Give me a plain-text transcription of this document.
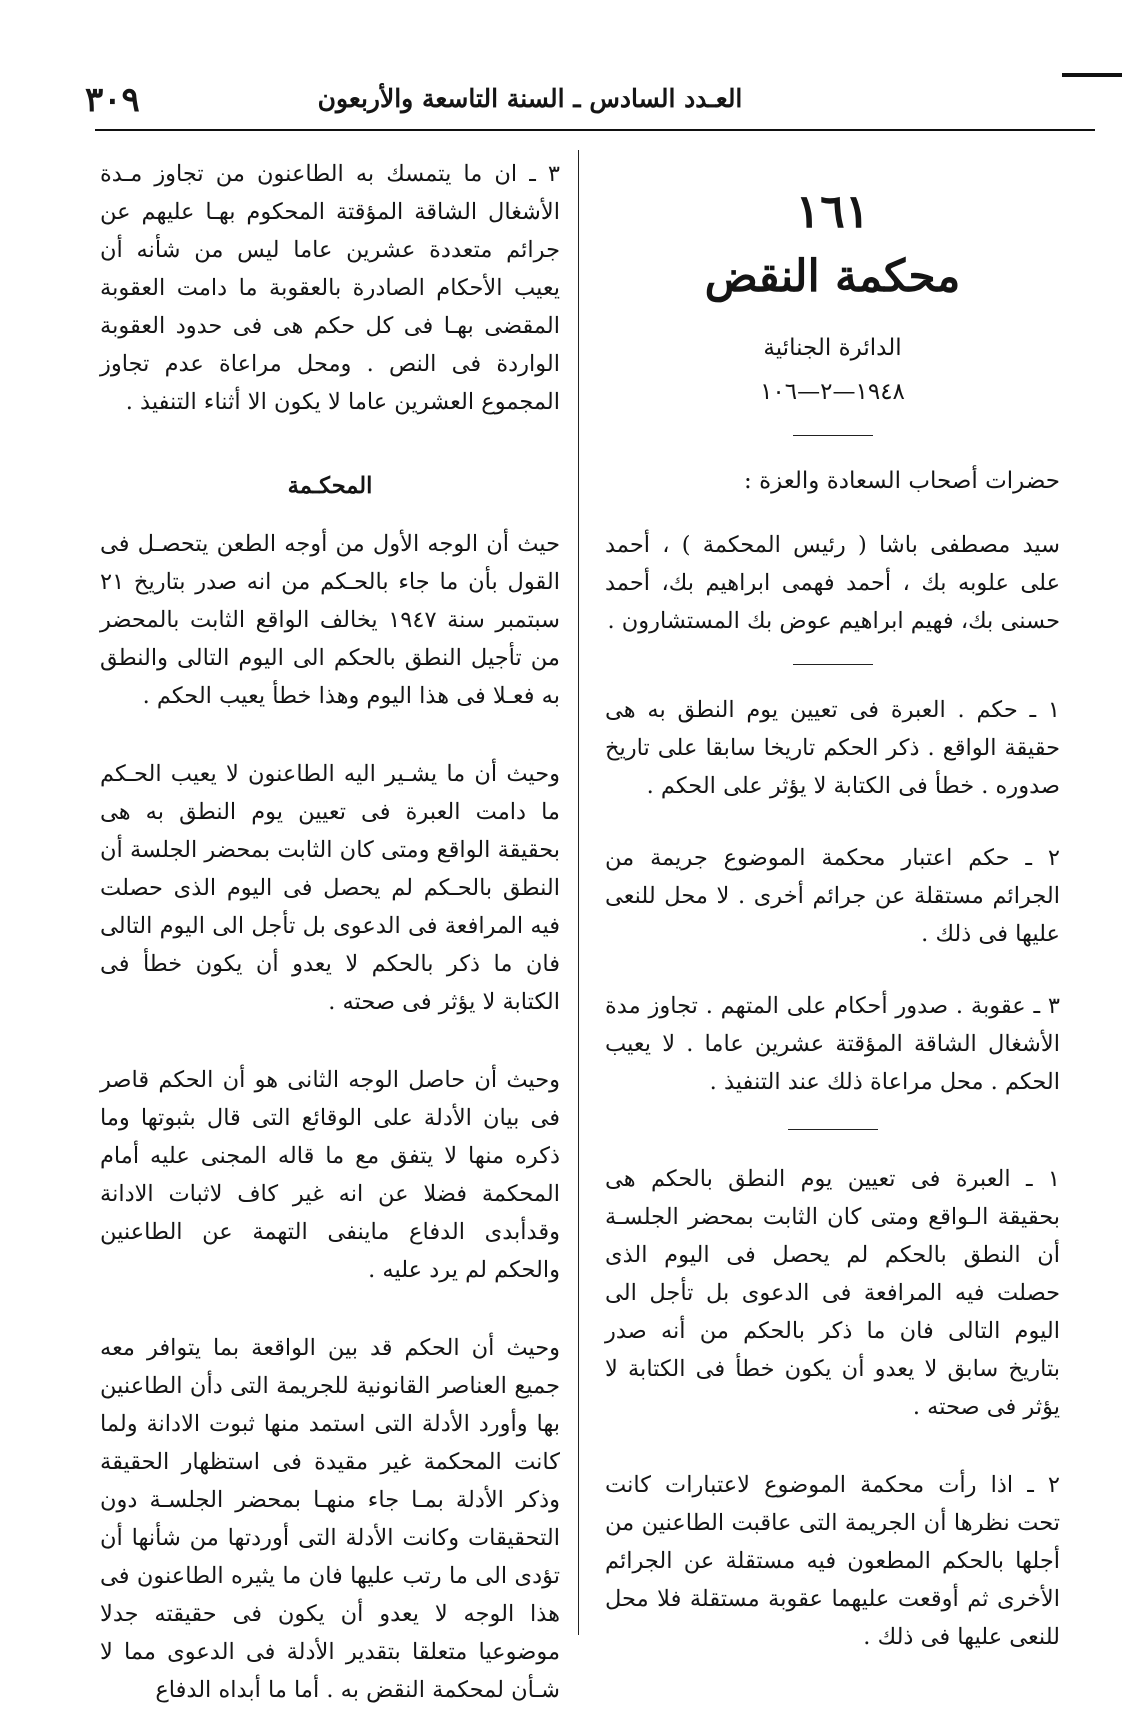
٣٠٩	العـدد السادس ـ السنة التاسعة والأربعون
١٦١
محكمة النقض
الدائرة الجنائية
١٩٤٨—٢—١٠٦

حضرات أصحاب السعادة والعزة :

سيد مصطفى باشا ( رئيس المحكمة ) ، أحمد على علوبه بك ، أحمد فهمى ابراهيم بك، أحمد حسنى بك، فهيم ابراهيم عوض بك المستشارون .

١ ـ حكم . العبرة فى تعيين يوم النطق به هى حقيقة الواقع . ذكر الحكم تاريخا سابقا على تاريخ صدوره . خطأ فى الكتابة لا يؤثر على الحكم .

٢ ـ حكم اعتبار محكمة الموضوع جريمة من الجرائم مستقلة عن جرائم أخرى . لا محل للنعى عليها فى ذلك .

٣ ـ عقوبة . صدور أحكام على المتهم . تجاوز مدة الأشغال الشاقة المؤقتة عشرين عاما . لا يعيب الحكم . محل مراعاة ذلك عند التنفيذ .

١ ـ العبرة فى تعيين يوم النطق بالحكم هى بحقيقة الـواقع ومتى كان الثابت بمحضر الجلسـة أن النطق بالحكم لم يحصل فى اليوم الذى حصلت فيه المرافعة فى الدعوى بل تأجل الى اليوم التالى فان ما ذكر بالحكم من أنه صدر بتاريخ سابق لا يعدو أن يكون خطأ فى الكتابة لا يؤثر فى صحته .

٢ ـ اذا رأت محكمة الموضوع لاعتبارات كانت تحت نظرها أن الجريمة التى عاقبت الطاعنين من أجلها بالحكم المطعون فيه مستقلة عن الجرائم الأخرى ثم أوقعت عليهما عقوبة مستقلة فلا محل للنعى عليها فى ذلك .

٣ ـ ان ما يتمسك به الطاعنون من تجاوز مـدة الأشغال الشاقة المؤقتة المحكوم بهـا عليهم عن جرائم متعددة عشرين عاما ليس من شأنه أن يعيب الأحكام الصادرة بالعقوبة ما دامت العقوبة المقضى بهـا فى كل حكم هى فى حدود العقوبة الواردة فى النص . ومحل مراعاة عدم تجاوز المجموع العشرين عاما لا يكون الا أثناء التنفيذ .

المحكـمة

حيث أن الوجه الأول من أوجه الطعن يتحصـل فى القول بأن ما جاء بالحـكم من انه صدر بتاريخ ٢١ سبتمبر سنة ١٩٤٧ يخالف الواقع الثابت بالمحضر من تأجيل النطق بالحكم الى اليوم التالى والنطق به فعـلا فى هذا اليوم وهذا خطأ يعيب الحكم .

وحيث أن ما يشـير اليه الطاعنون لا يعيب الحـكم ما دامت العبرة فى تعيين يوم النطق به هى بحقيقة الواقع ومتى كان الثابت بمحضر الجلسة أن النطق بالحـكم لم يحصل فى اليوم الذى حصلت فيه المرافعة فى الدعوى بل تأجل الى اليوم التالى فان ما ذكر بالحكم لا يعدو أن يكون خطأ فى الكتابة لا يؤثر فى صحته .

وحيث أن حاصل الوجه الثانى هو أن الحكم قاصر فى بيان الأدلة على الوقائع التى قال بثبوتها وما ذكره منها لا يتفق مع ما قاله المجنى عليه أمام المحكمة فضلا عن انه غير كاف لاثبات الادانة وقدأبدى الدفاع ماينفى التهمة عن الطاعنين والحكم لم يرد عليه .

وحيث أن الحكم قد بين الواقعة بما يتوافر معه جميع العناصر القانونية للجريمة التى دأن الطاعنين بها وأورد الأدلة التى استمد منها ثبوت الادانة ولما كانت المحكمة غير مقيدة فى استظهار الحقيقة وذكر الأدلة بمـا جاء منهـا بمحضر الجلسـة دون التحقيقات وكانت الأدلة التى أوردتها من شأنها أن تؤدى الى ما رتب عليها فان ما يثيره الطاعنون فى هذا الوجه لا يعدو أن يكون فى حقيقته جدلا موضوعيا متعلقا بتقدير الأدلة فى الدعوى مما لا شـأن لمحكمة النقض به . أما ما أبداه الدفاع
